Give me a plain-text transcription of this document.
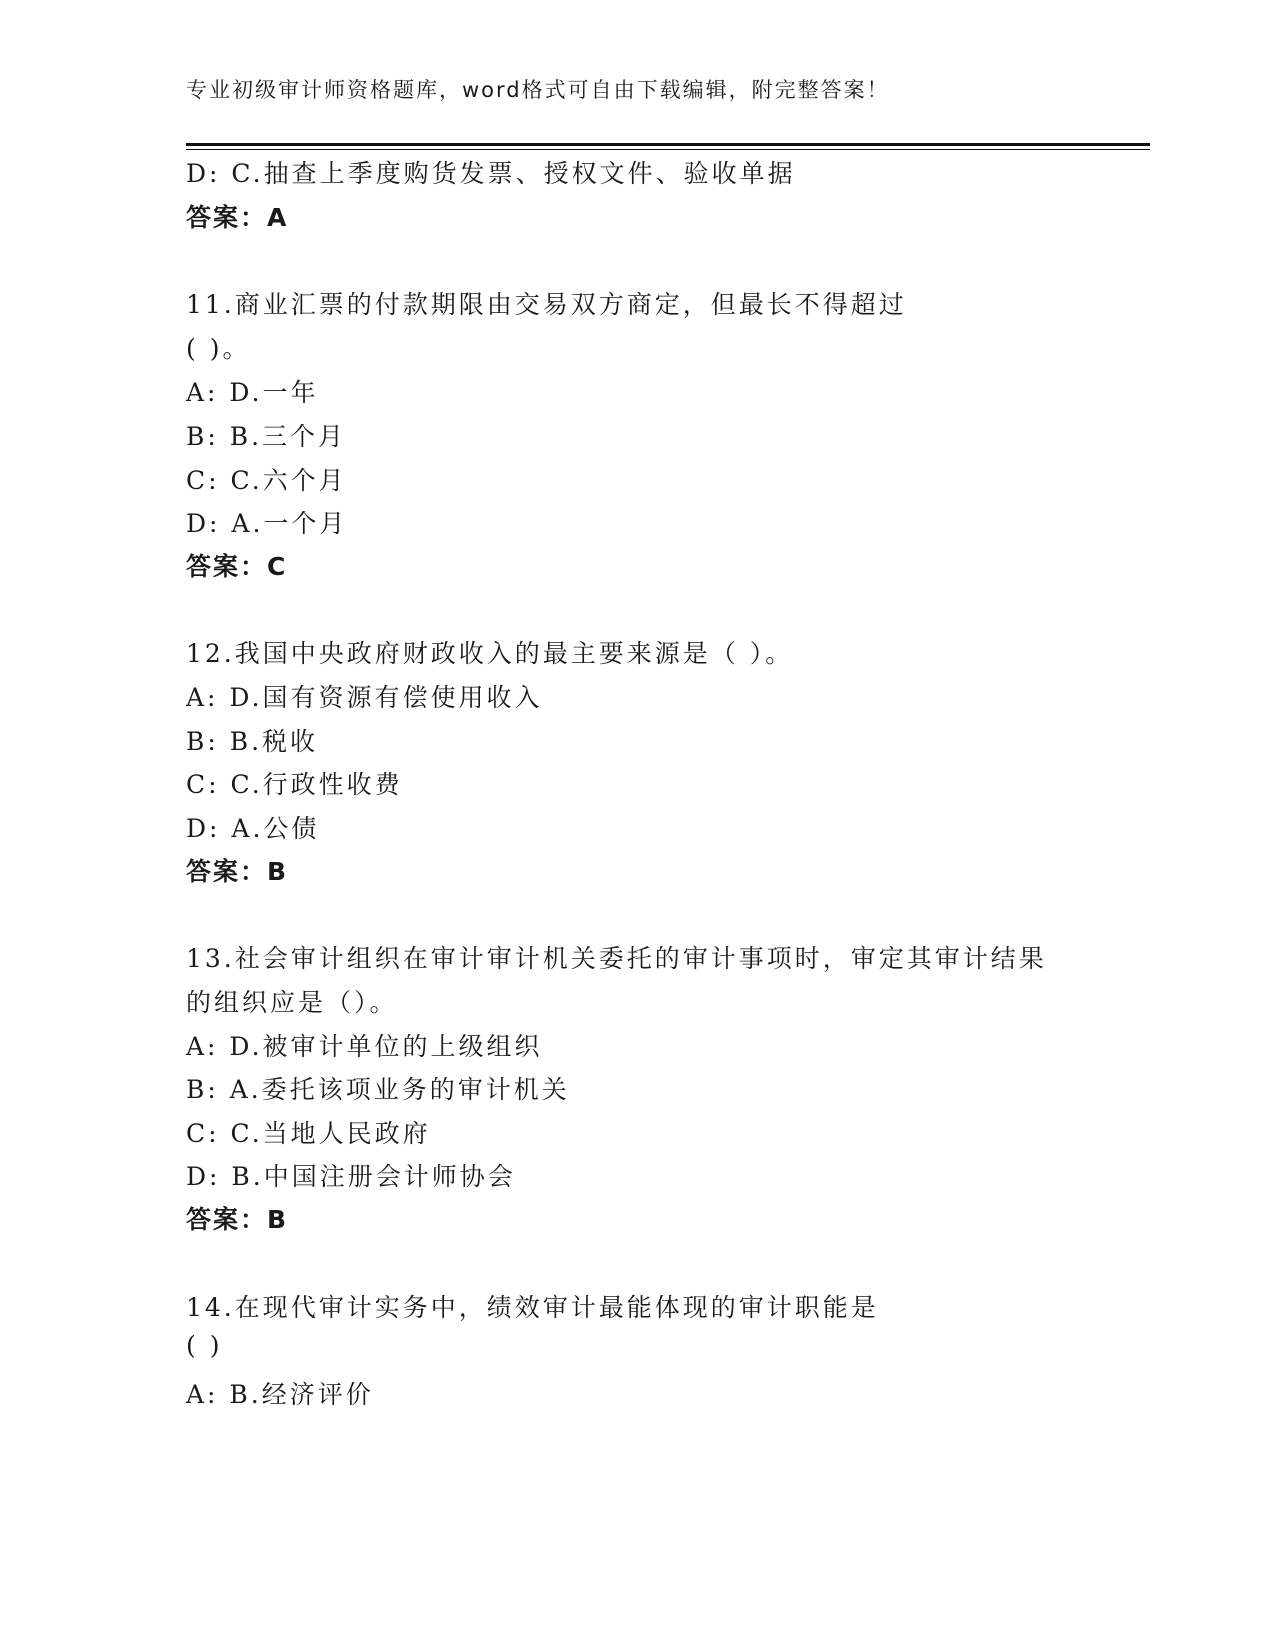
专业初级审计师资格题库，word格式可自由下载编辑，附完整答案！
D: C.抽查上季度购货发票、授权文件、验收单据
答案：A
11.商业汇票的付款期限由交易双方商定，但最长不得超过
( )。
A: D.一年
B: B.三个月
C: C.六个月
D: A.一个月
答案：C
12.我国中央政府财政收入的最主要来源是（ ）。
A: D.国有资源有偿使用收入
B: B.税收
C: C.行政性收费
D: A.公债
答案：B
13.社会审计组织在审计审计机关委托的审计事项时，审定其审计结果
的组织应是（）。
A: D.被审计单位的上级组织
B: A.委托该项业务的审计机关
C: C.当地人民政府
D: B.中国注册会计师协会
答案：B
14.在现代审计实务中，绩效审计最能体现的审计职能是
( )
A: B.经济评价
